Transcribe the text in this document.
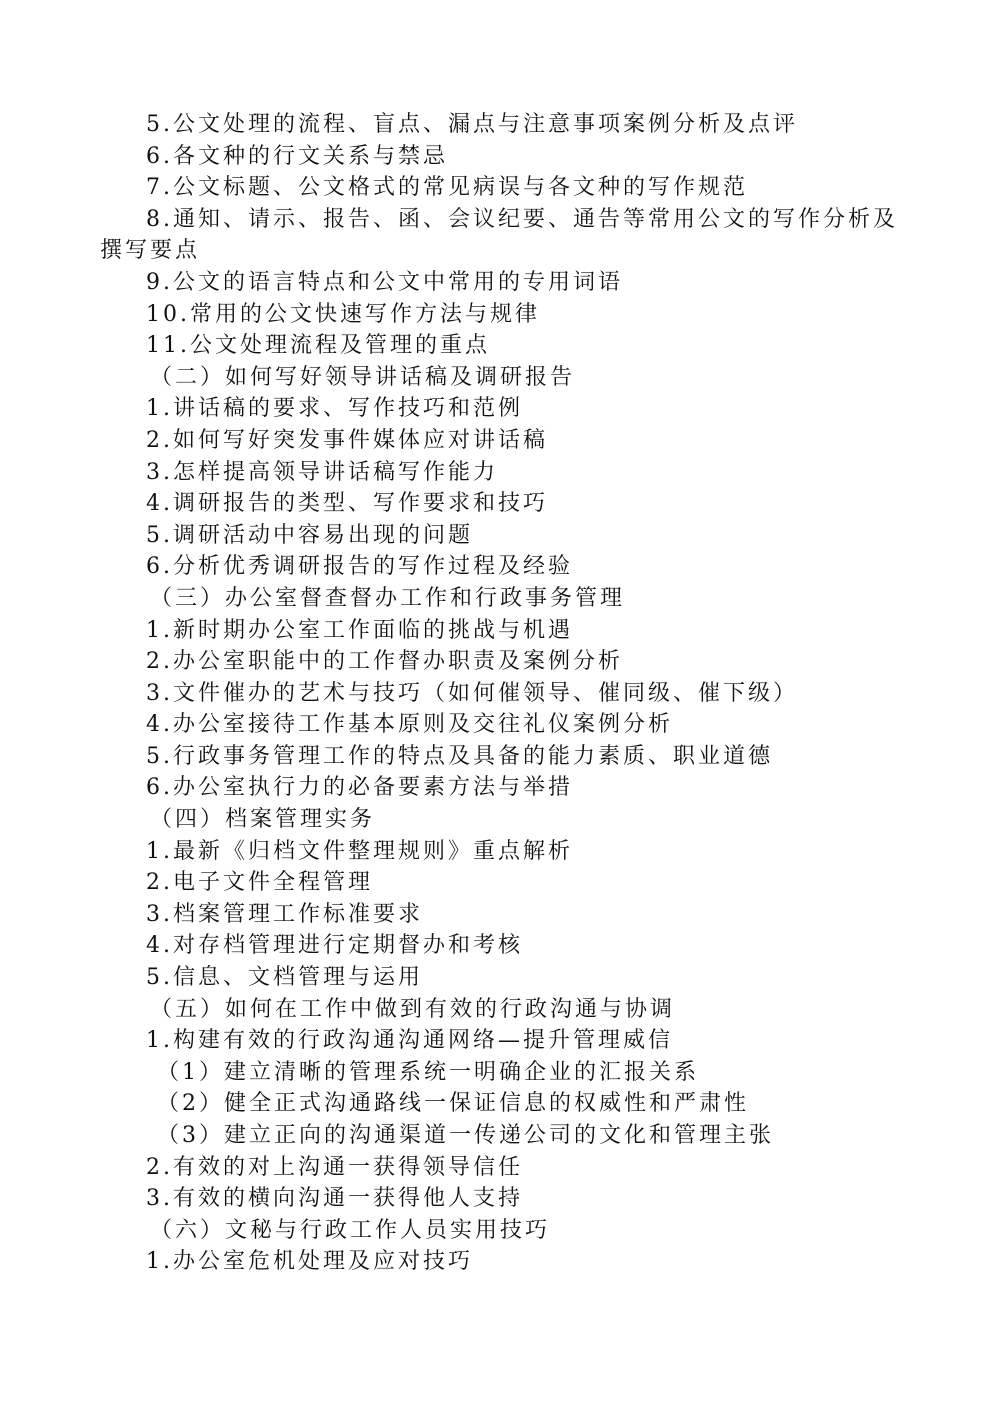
5.公文处理的流程、盲点、漏点与注意事项案例分析及点评
6.各文种的行文关系与禁忌
7.公文标题、公文格式的常见病误与各文种的写作规范
8.通知、请示、报告、函、会议纪要、通告等常用公文的写作分析及
撰写要点
9.公文的语言特点和公文中常用的专用词语
10.常用的公文快速写作方法与规律
11.公文处理流程及管理的重点
（二）如何写好领导讲话稿及调研报告
1.讲话稿的要求、写作技巧和范例
2.如何写好突发事件媒体应对讲话稿
3.怎样提高领导讲话稿写作能力
4.调研报告的类型、写作要求和技巧
5.调研活动中容易出现的问题
6.分析优秀调研报告的写作过程及经验
（三）办公室督查督办工作和行政事务管理
1.新时期办公室工作面临的挑战与机遇
2.办公室职能中的工作督办职责及案例分析
3.文件催办的艺术与技巧（如何催领导、催同级、催下级）
4.办公室接待工作基本原则及交往礼仪案例分析
5.行政事务管理工作的特点及具备的能力素质、职业道德
6.办公室执行力的必备要素方法与举措
（四）档案管理实务
1.最新《归档文件整理规则》重点解析
2.电子文件全程管理
3.档案管理工作标准要求
4.对存档管理进行定期督办和考核
5.信息、文档管理与运用
（五）如何在工作中做到有效的行政沟通与协调
1.构建有效的行政沟通沟通网络—提升管理威信
（1）建立清晰的管理系统一明确企业的汇报关系
（2）健全正式沟通路线一保证信息的权威性和严肃性
（3）建立正向的沟通渠道一传递公司的文化和管理主张
2.有效的对上沟通一获得领导信任
3.有效的横向沟通一获得他人支持
（六）文秘与行政工作人员实用技巧
1.办公室危机处理及应对技巧
